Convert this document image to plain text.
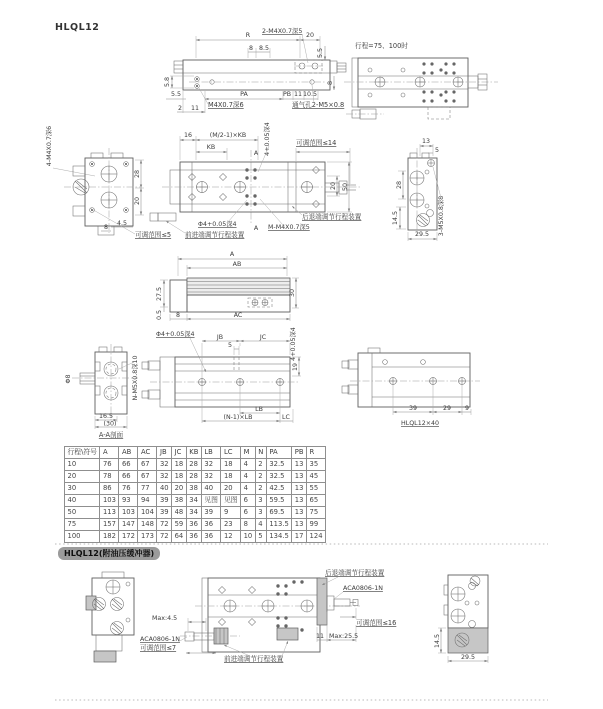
HLQL12
R	20
2-M4X0.7深5
8 8.5	5.5
5.8	8
5.5
2 11 M4X0.7深6
PA	PB 11 10.5
通气孔2-M5×0.8
行程=75、100时
4-M4X0.7深6
28
20
8
4.5
可调范围≤5
A
A
16	(M/2-1)×KB
KB	4+0.05深4	可调范围≤14
20 50
Φ4+0.05深4
前进端调节行程装置
M-M4X0.7深5
后退端调节行程装置
13
5
28
14.5
29.5 3-M5X0.8深8
A
AB
27.5
0.5
30
8	AC
N-M5X0.8深10
Φ8
16.5
(30)
A-A剖面
Φ4+0.05深4
5
JB	JC	4+0.05深4
19
LB
(N-1)×LB	LC
39	29 9
HLQL12×40
后退端调节行程装置
ACA0806-1N
可调范围≤16
11 Max:25.5
Max:4.5
ACA0806-1N
可调范围≤7
前进端调节行程装置
14.5
29.5
行程\符号	A	AB	AC	JB	JC	KB	LB	LC	M	N	PA	PB	R
10	76	66	67	32	18	28	32	18	4	2	32.5	13	35
20	78	66	67	32	18	28	32	18	4	2	32.5	13	45
30	86	76	77	40	20	38	40	20	4	2	42.5	13	55
40	103	93	94	39	38	34	见图	见图	6	3	59.5	13	65
50	113	103	104	39	48	34	39	9	6	3	69.5	13	75
75	157	147	148	72	59	36	36	23	8	4	113.5	13	99
100	182	172	173	72	64	36	36	12	10	5	134.5	17	124
HLQL12(附油压缓冲器)
